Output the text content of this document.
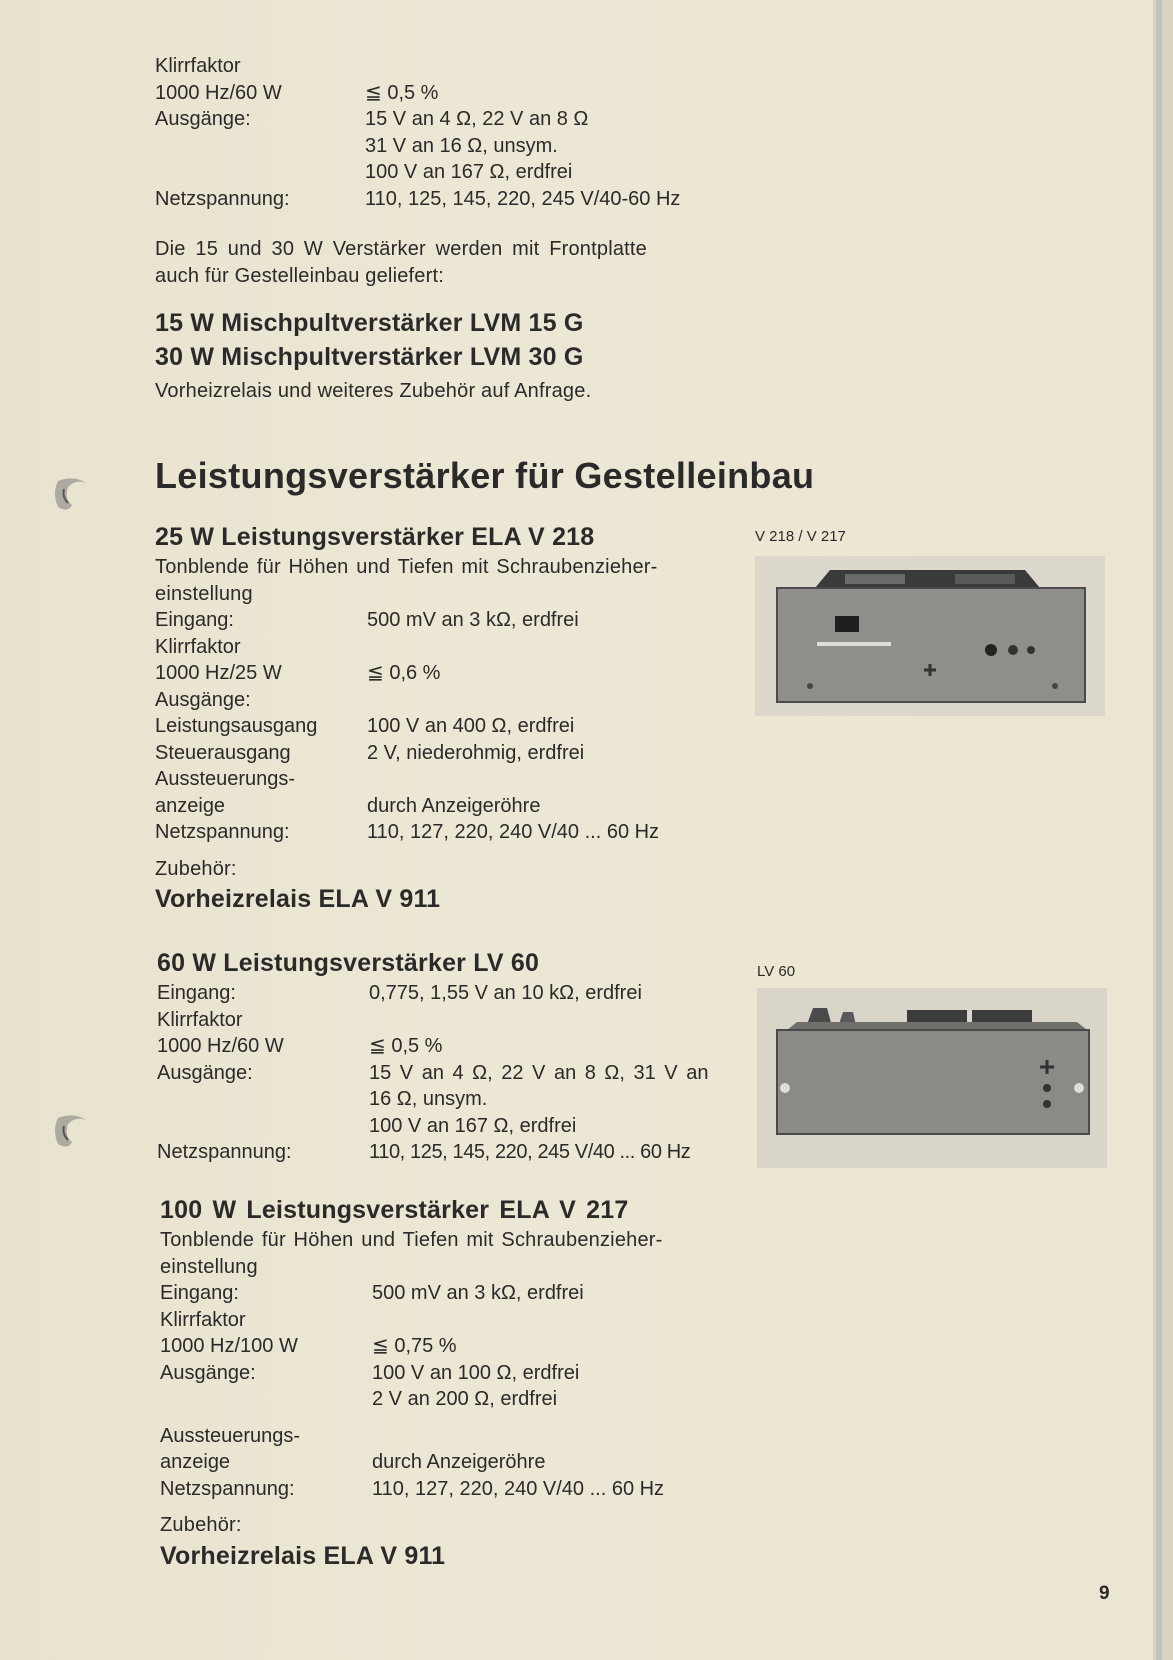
Klirrfaktor
1000 Hz/60 W	≦ 0,5 %
Ausgänge:	15 V an 4 Ω, 22 V an 8 Ω
31 V an 16 Ω, unsym.
100 V an 167 Ω, erdfrei
Netzspannung:	110, 125, 145, 220, 245 V/40-60 Hz
Die 15 und 30 W Verstärker werden mit Frontplatte
auch für Gestelleinbau geliefert:
15 W Mischpultverstärker LVM 15 G
30 W Mischpultverstärker LVM 30 G
Vorheizrelais und weiteres Zubehör auf Anfrage.
Leistungsverstärker für Gestelleinbau
25 W Leistungsverstärker ELA V 218
Tonblende für Höhen und Tiefen mit Schraubenzieher-
einstellung
Eingang:	500 mV an 3 kΩ, erdfrei
Klirrfaktor
1000 Hz/25 W	≦ 0,6 %
Ausgänge:
Leistungsausgang 100 V an 400 Ω, erdfrei
Steuerausgang	2 V, niederohmig, erdfrei
Aussteuerungs-
anzeige	durch Anzeigeröhre
Netzspannung:	110, 127, 220, 240 V/40 ... 60 Hz
Zubehör:
Vorheizrelais ELA V 911
60 W Leistungsverstärker LV 60
Eingang:	0,775, 1,55 V an 10 kΩ, erdfrei
Klirrfaktor
1000 Hz/60 W	≦ 0,5 %
Ausgänge:	15 V an 4 Ω, 22 V an 8 Ω, 31 V an
16 Ω, unsym.
100 V an 167 Ω, erdfrei
Netzspannung:	110, 125, 145, 220, 245 V/40 ... 60 Hz
100 W Leistungsverstärker ELA V 217
Tonblende für Höhen und Tiefen mit Schraubenzieher-
einstellung
Eingang:	500 mV an 3 kΩ, erdfrei
Klirrfaktor
1000 Hz/100 W	≦ 0,75 %
Ausgänge:	100 V an 100 Ω, erdfrei
2 V an 200 Ω, erdfrei
Aussteuerungs-
anzeige	durch Anzeigeröhre
Netzspannung:	110, 127, 220, 240 V/40 ... 60 Hz
Zubehör:
Vorheizrelais ELA V 911
V 218 / V 217
LV 60
9
